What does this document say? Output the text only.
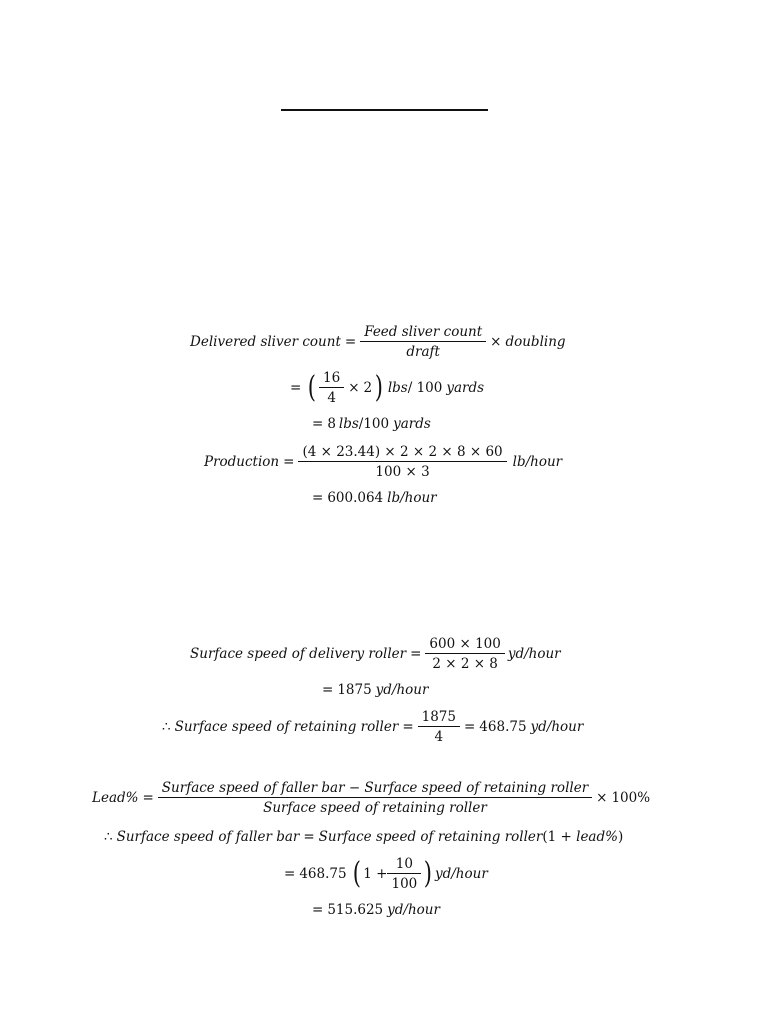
Delivered sliver count = $\frac{\text{Feed sliver count}}{\text{draft}}$ × doubling
= ( $\frac{16}{4} \times 2$ ) lbs / 100 yards
= 8 lbs /100 yards
Production = $\frac{(4 \times 23.44) \times 2 \times 2 \times 8 \times 60}{100 \times 3}$ lb/hour
= 600.064 lb/hour
Surface speed of delivery roller = $\frac{600 \times 100}{2 \times 2 \times 8}$ yd/hour
= 1875 yd/hour
∴ Surface speed of retaining roller = $\frac{1875}{4} = 468.75$ yd/hour
Lead% =
Surface speed of faller bar − Surface speed of retaining roller
Surface speed of retaining roller
× 100%
∴ Surface speed of faller bar = Surface speed of retaining roller (1 + lead% )
= 468.75 ( $1 + \frac{10}{100}$ ) yd/hour
= 515.625 yd/hour
